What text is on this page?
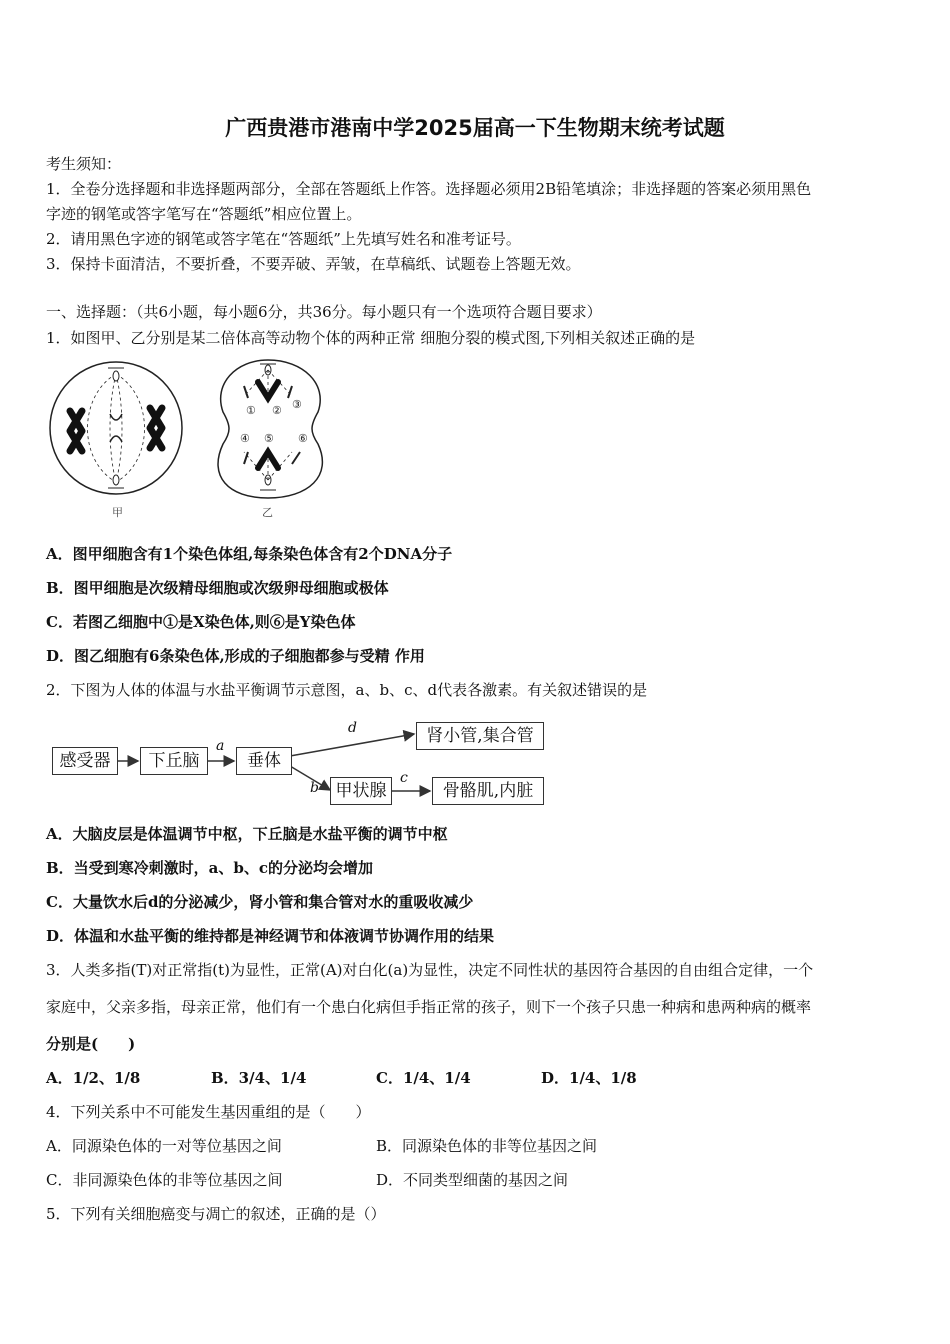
广西贵港市港南中学2025届高一下生物期末统考试题
考生须知：
1．全卷分选择题和非选择题两部分，全部在答题纸上作答。选择题必须用2B铅笔填涂；非选择题的答案必须用黑色
字迹的钢笔或答字笔写在“答题纸”相应位置上。
2．请用黑色字迹的钢笔或答字笔在“答题纸”上先填写姓名和准考证号。
3．保持卡面清洁，不要折叠，不要弄破、弄皱，在草稿纸、试题卷上答题无效。
一、选择题：（共6小题，每小题6分，共36分。每小题只有一个选项符合题目要求）
1．如图甲、乙分别是某二倍体高等动物个体的两种正常 细胞分裂的模式图,下列相关叙述正确的是
① ② ③
④ ⑤ ⑥
甲	乙
A．图甲细胞含有1个染色体组,每条染色体含有2个DNA分子
B．图甲细胞是次级精母细胞或次级卵母细胞或极体
C．若图乙细胞中①是X染色体,则⑥是Y染色体
D．图乙细胞有6条染色体,形成的子细胞都参与受精 作用
2．下图为人体的体温与水盐平衡调节示意图，a、b、c、d代表各激素。有关叙述错误的是
感受器	下丘脑	垂体
肾小管,集合管
甲状腺	骨骼肌,内脏
a
b
c
d
A．大脑皮层是体温调节中枢，下丘脑是水盐平衡的调节中枢
B．当受到寒冷刺激时，a、b、c的分泌均会增加
C．大量饮水后d的分泌减少，肾小管和集合管对水的重吸收减少
D．体温和水盐平衡的维持都是神经调节和体液调节协调作用的结果
3．人类多指(T)对正常指(t)为显性，正常(A)对白化(a)为显性，决定不同性状的基因符合基因的自由组合定律，一个
家庭中，父亲多指，母亲正常，他们有一个患白化病但手指正常的孩子，则下一个孩子只患一种病和患两种病的概率
分别是(　　)
A．1/2、1/8	B．3/4、1/4	C．1/4、1/4	D．1/4、1/8
4．下列关系中不可能发生基因重组的是（　　）
A．同源染色体的一对等位基因之间	B．同源染色体的非等位基因之间
C．非同源染色体的非等位基因之间	D．不同类型细菌的基因之间
5．下列有关细胞癌变与凋亡的叙述，正确的是（）
